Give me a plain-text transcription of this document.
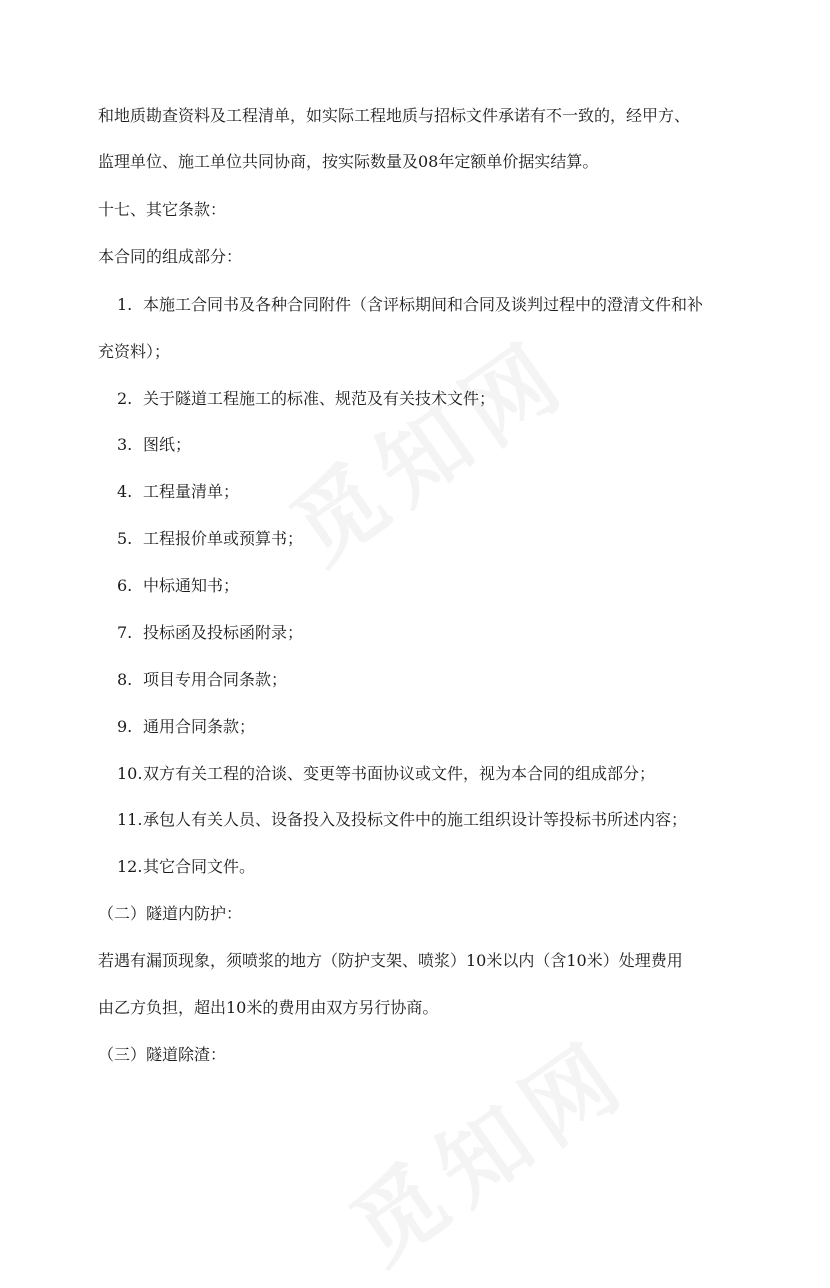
和地质勘查资料及工程清单，如实际工程地质与招标文件承诺有不一致的，经甲方、
监理单位、施工单位共同协商，按实际数量及08年定额单价据实结算。
十七、其它条款：
本合同的组成部分：
1. 本施工合同书及各种合同附件（含评标期间和合同及谈判过程中的澄清文件和补
充资料）；
2. 关于隧道工程施工的标准、规范及有关技术文件；
3. 图纸；
4. 工程量清单；
5. 工程报价单或预算书；
6. 中标通知书；
7. 投标函及投标函附录；
8. 项目专用合同条款；
9. 通用合同条款；
10.双方有关工程的洽谈、变更等书面协议或文件，视为本合同的组成部分；
11.承包人有关人员、设备投入及投标文件中的施工组织设计等投标书所述内容；
12.其它合同文件。
（二）隧道内防护：
若遇有漏顶现象，须喷浆的地方（防护支架、喷浆）10米以内（含10米）处理费用
由乙方负担，超出10米的费用由双方另行协商。
（三）隧道除渣：
